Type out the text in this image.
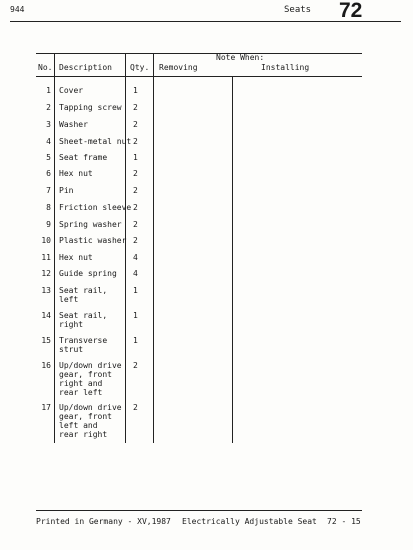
944	Seats 72
Note When:
No. Description Qty. Removing	Installing
1 Cover	1
2 Tapping screw 2
3 Washer	2
4 Sheet-metal nut 2
5 Seat frame	1
6 Hex nut	2
7 Pin	2
8 Friction sleeve 2
9 Spring washer 2
10 Plastic washer 2
11 Hex nut	4
12 Guide spring 4
13 Seat rail,
left
1
14 Seat rail,
right
1
15 Transverse
strut
1
16 Up/down drive
gear, front
right and
rear left
2
17 Up/down drive
gear, front
left and
rear right
2
Printed in Germany - XV,1987 Electrically Adjustable Seat 72 - 15
